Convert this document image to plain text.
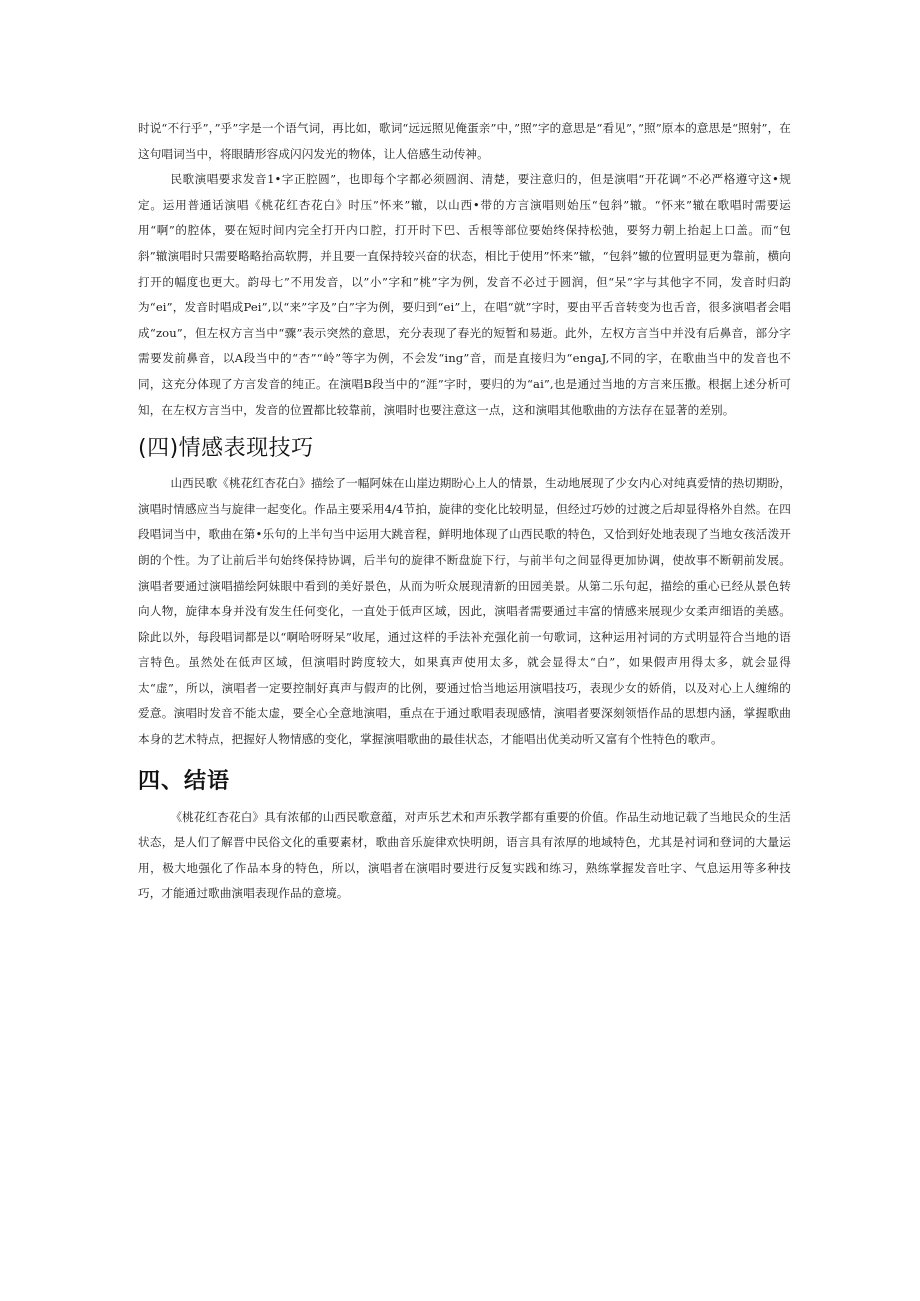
时说“不行乎”，”乎”字是一个语气词，再比如，歌词“远远照见俺蛋亲”中，”照”字的意思是“看见”，”照”原本的意思是“照射”，在这句唱词当中，将眼睛形容成闪闪发光的物体，让人倍感生动传神。

民歌演唱要求发音1•字正腔圆”，也即每个字都必须圆润、清楚，要注意归的，但是演唱“开花调”不必严格遵守这•规定。运用普通话演唱《桃花红杏花白》时压”怀来”辙，以山西•带的方言演唱则始压“包斜”辙。“怀来”辙在歌唱时需要运用“啊”的腔体，要在短时间内完全打开内口腔，打开时下巴、舌根等部位要始终保持松弛，要努力朝上抬起上口盖。而“包斜”辙演唱时只需要略略抬高软腭，并且要一直保持较兴奋的状态，相比于使用”怀来”辙，“包斜”辙的位置明显更为靠前，横向打开的幅度也更大。韵母七”不用发音，以”小”字和”桃”字为例，发音不必过于圆润，但“呆”字与其他字不同，发音时归韵为“ei”，发音时唱成Pei”,以“来”字及”白”字为例，要归到“ei”上，在唱“就”字时，要由平舌音转变为也舌音，很多演唱者会唱成“zou”，但左权方言当中“骤”表示突然的意思，充分表现了春光的短暂和易逝。此外，左权方言当中并没有后鼻音，部分字需要发前鼻音，以A段当中的“杏”“岭”等字为例，不会发“ing”音，而是直接归为“engaJ,不同的字，在歌曲当中的发音也不同，这充分体现了方言发音的纯正。在演唱B段当中的“涯”字时，要归的为“ai”,也是通过当地的方言来压撒。根据上述分析可知，在左权方言当中，发音的位置都比较靠前，演唱时也要注意这一点，这和演唱其他歌曲的方法存在显著的差别。

(四)情感表现技巧

山西民歌《桃花红杏花白》描绘了一幅阿妹在山崖边期盼心上人的情景，生动地展现了少女内心对纯真爱情的热切期盼，演唱时情感应当与旋律一起变化。作品主要采用4/4节拍，旋律的变化比较明显，但经过巧妙的过渡之后却显得格外自然。在四段唱词当中，歌曲在第•乐句的上半句当中运用大跳音程，鲜明地体现了山西民歌的特色，又恰到好处地表现了当地女孩活泼开朗的个性。为了让前后半句始终保持协调，后半句的旋律不断盘旋下行，与前半句之间显得更加协调，使故事不断朝前发展。演唱者要通过演唱描绘阿妹眼中看到的美好景色，从而为听众展现清新的田园美景。从第二乐句起，描绘的重心已经从景色转向人物，旋律本身并没有发生任何变化，一直处于低声区域，因此，演唱者需要通过丰富的情感来展现少女柔声细语的美感。除此以外，每段唱词都是以“啊哈呀呀呆”收尾，通过这样的手法补充强化前一句歌词，这种运用衬词的方式明显符合当地的语言特色。虽然处在低声区域，但演唱时跨度较大，如果真声使用太多，就会显得太“白”，如果假声用得太多，就会显得太“虚”，所以，演唱者一定要控制好真声与假声的比例，要通过恰当地运用演唱技巧，表现少女的娇俏，以及对心上人缠绵的爱意。演唱时发音不能太虚，要全心全意地演唱，重点在于通过歌唱表现感情，演唱者要深刻领悟作品的思想内涵，掌握歌曲本身的艺术特点，把握好人物情感的变化，掌握演唱歌曲的最佳状态，才能唱出优美动听又富有个性特色的歌声。

四、结语

《桃花红杏花白》具有浓郁的山西民歌意蕴，对声乐艺术和声乐教学都有重要的价值。作品生动地记载了当地民众的生活状态，是人们了解晋中民俗文化的重要素材，歌曲音乐旋律欢快明朗，语言具有浓厚的地域特色，尤其是衬词和登词的大量运用，极大地强化了作品本身的特色，所以，演唱者在演唱时要进行反复实践和练习，熟练掌握发音吐字、气息运用等多种技巧，才能通过歌曲演唱表现作品的意境。
